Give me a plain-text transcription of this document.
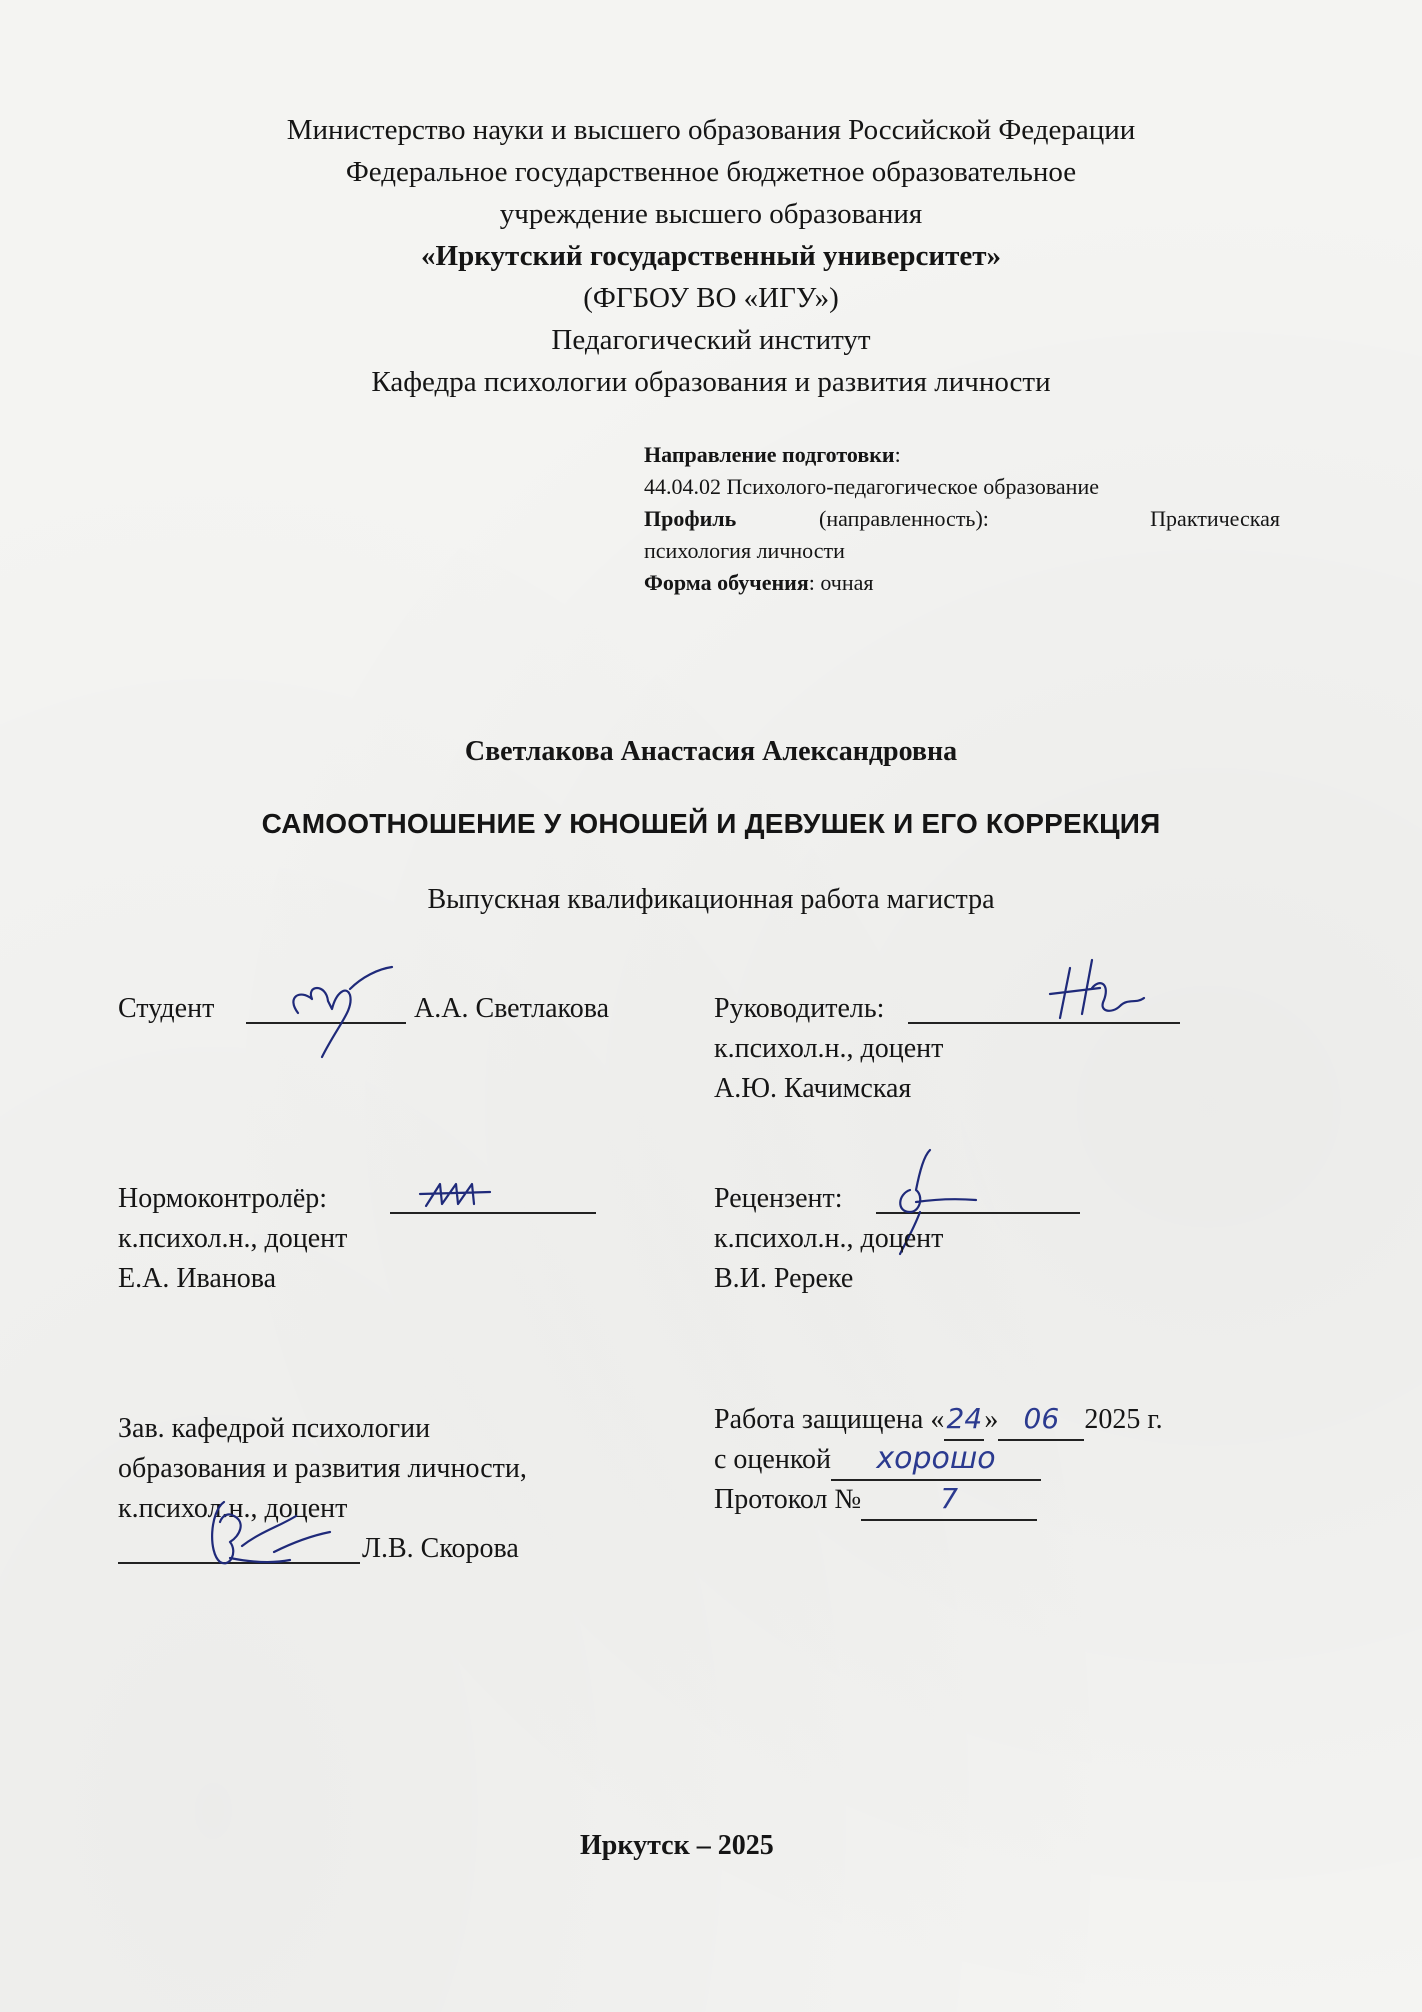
Министерство науки и высшего образования Российской Федерации
Федеральное государственное бюджетное образовательное
учреждение высшего образования
«Иркутский государственный университет»
(ФГБОУ ВО «ИГУ»)
Педагогический институт
Кафедра психологии образования и развития личности
Направление подготовки:
44.04.02 Психолого-педагогическое образование
Профиль	(направленность):	Практическая
психология личности
Форма обучения: очная
Светлакова Анастасия Александровна
САМООТНОШЕНИЕ У ЮНОШЕЙ И ДЕВУШЕК И ЕГО КОРРЕКЦИЯ
Выпускная квалификационная работа магистра
Студент	А.А. Светлакова	Руководитель:
к.психол.н., доцент
А.Ю. Качимская
Нормоконтролёр:
к.психол.н., доцент
Е.А. Иванова
Рецензент:
к.психол.н., доцент
В.И. Ререке
Зав. кафедрой психологии
образования и развития личности,
к.психол.н., доцент
Л.В. Скорова
Работа защищена «24» 06 2025 г.
с оценкой хорошо
Протокол №	7
Иркутск – 2025
